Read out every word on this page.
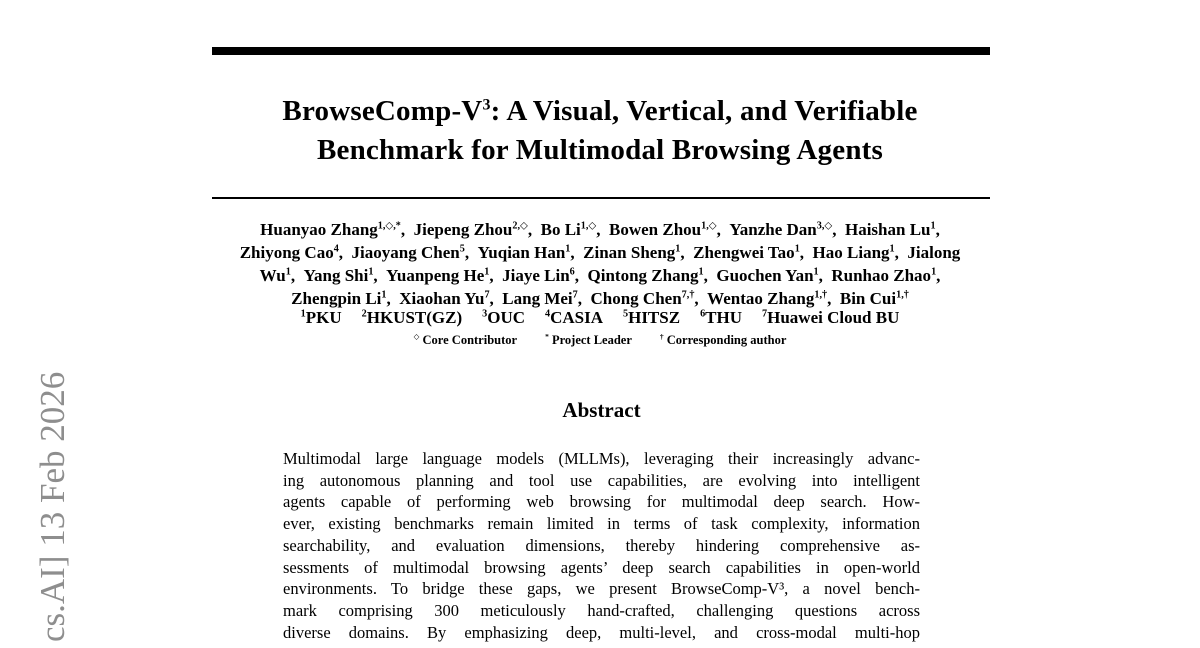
cs.AI] 13 Feb 2026
BrowseComp-$V^3$: A Visual, Vertical, and Verifiable
Benchmark for Multimodal Browsing Agents
Huanyao Zhang$^{1,◇,*}$, Jiepeng Zhou$^{2,◇}$, Bo $Li^{1,◇}$, Bowen Zhou$^{1,◇}$, Yanzhe Dan$^{3,◇}$, Haishan Lu$^1$,
Zhiyong Cao$^4$, Jiaoyang Chen$^5$, Yuqian Han$^1$, Zinan Sheng$^1$, Zhengwei Tao$^1$, Hao Liang$^1$, Jialong
Wu$^1$, Yang Shi$^1$, Yuanpeng He$^1$, Jiaye Lin$^6$, Qintong Zhang$^1$, Guochen Yan$^1$, Runhao Zhao$^1$,
Zhengpin Li$^1$, Xiaohan Yu$^7$, Lang Mei$^7$, Chong Chen$^{7,\dagger}$, Wentao Zhang$^{1,\dagger}$, Bin Cui$^{1,\dagger}$
$^1$PKU $^2$HKUST(GZ) $^3$OUC $^4$CASIA $^5$HITSZ $^6$THU $^7$Huawei Cloud BU
◇ Core Contributor	* Project Leader	† Corresponding author
Abstract
Multimodal large language models (MLLMs), leveraging their increasingly advanc-
ing autonomous planning and tool use capabilities, are evolving into intelligent
agents capable of performing web browsing for multimodal deep search. How-
ever, existing benchmarks remain limited in terms of task complexity, information
searchability, and evaluation dimensions, thereby hindering comprehensive as-
sessments of multimodal browsing agents’ deep search capabilities in open-world
environments. To bridge these gaps, we present BrowseComp-V³, a novel bench-
mark comprising 300 meticulously hand-crafted, challenging questions across
diverse domains. By emphasizing deep, multi-level, and cross-modal multi-hop
